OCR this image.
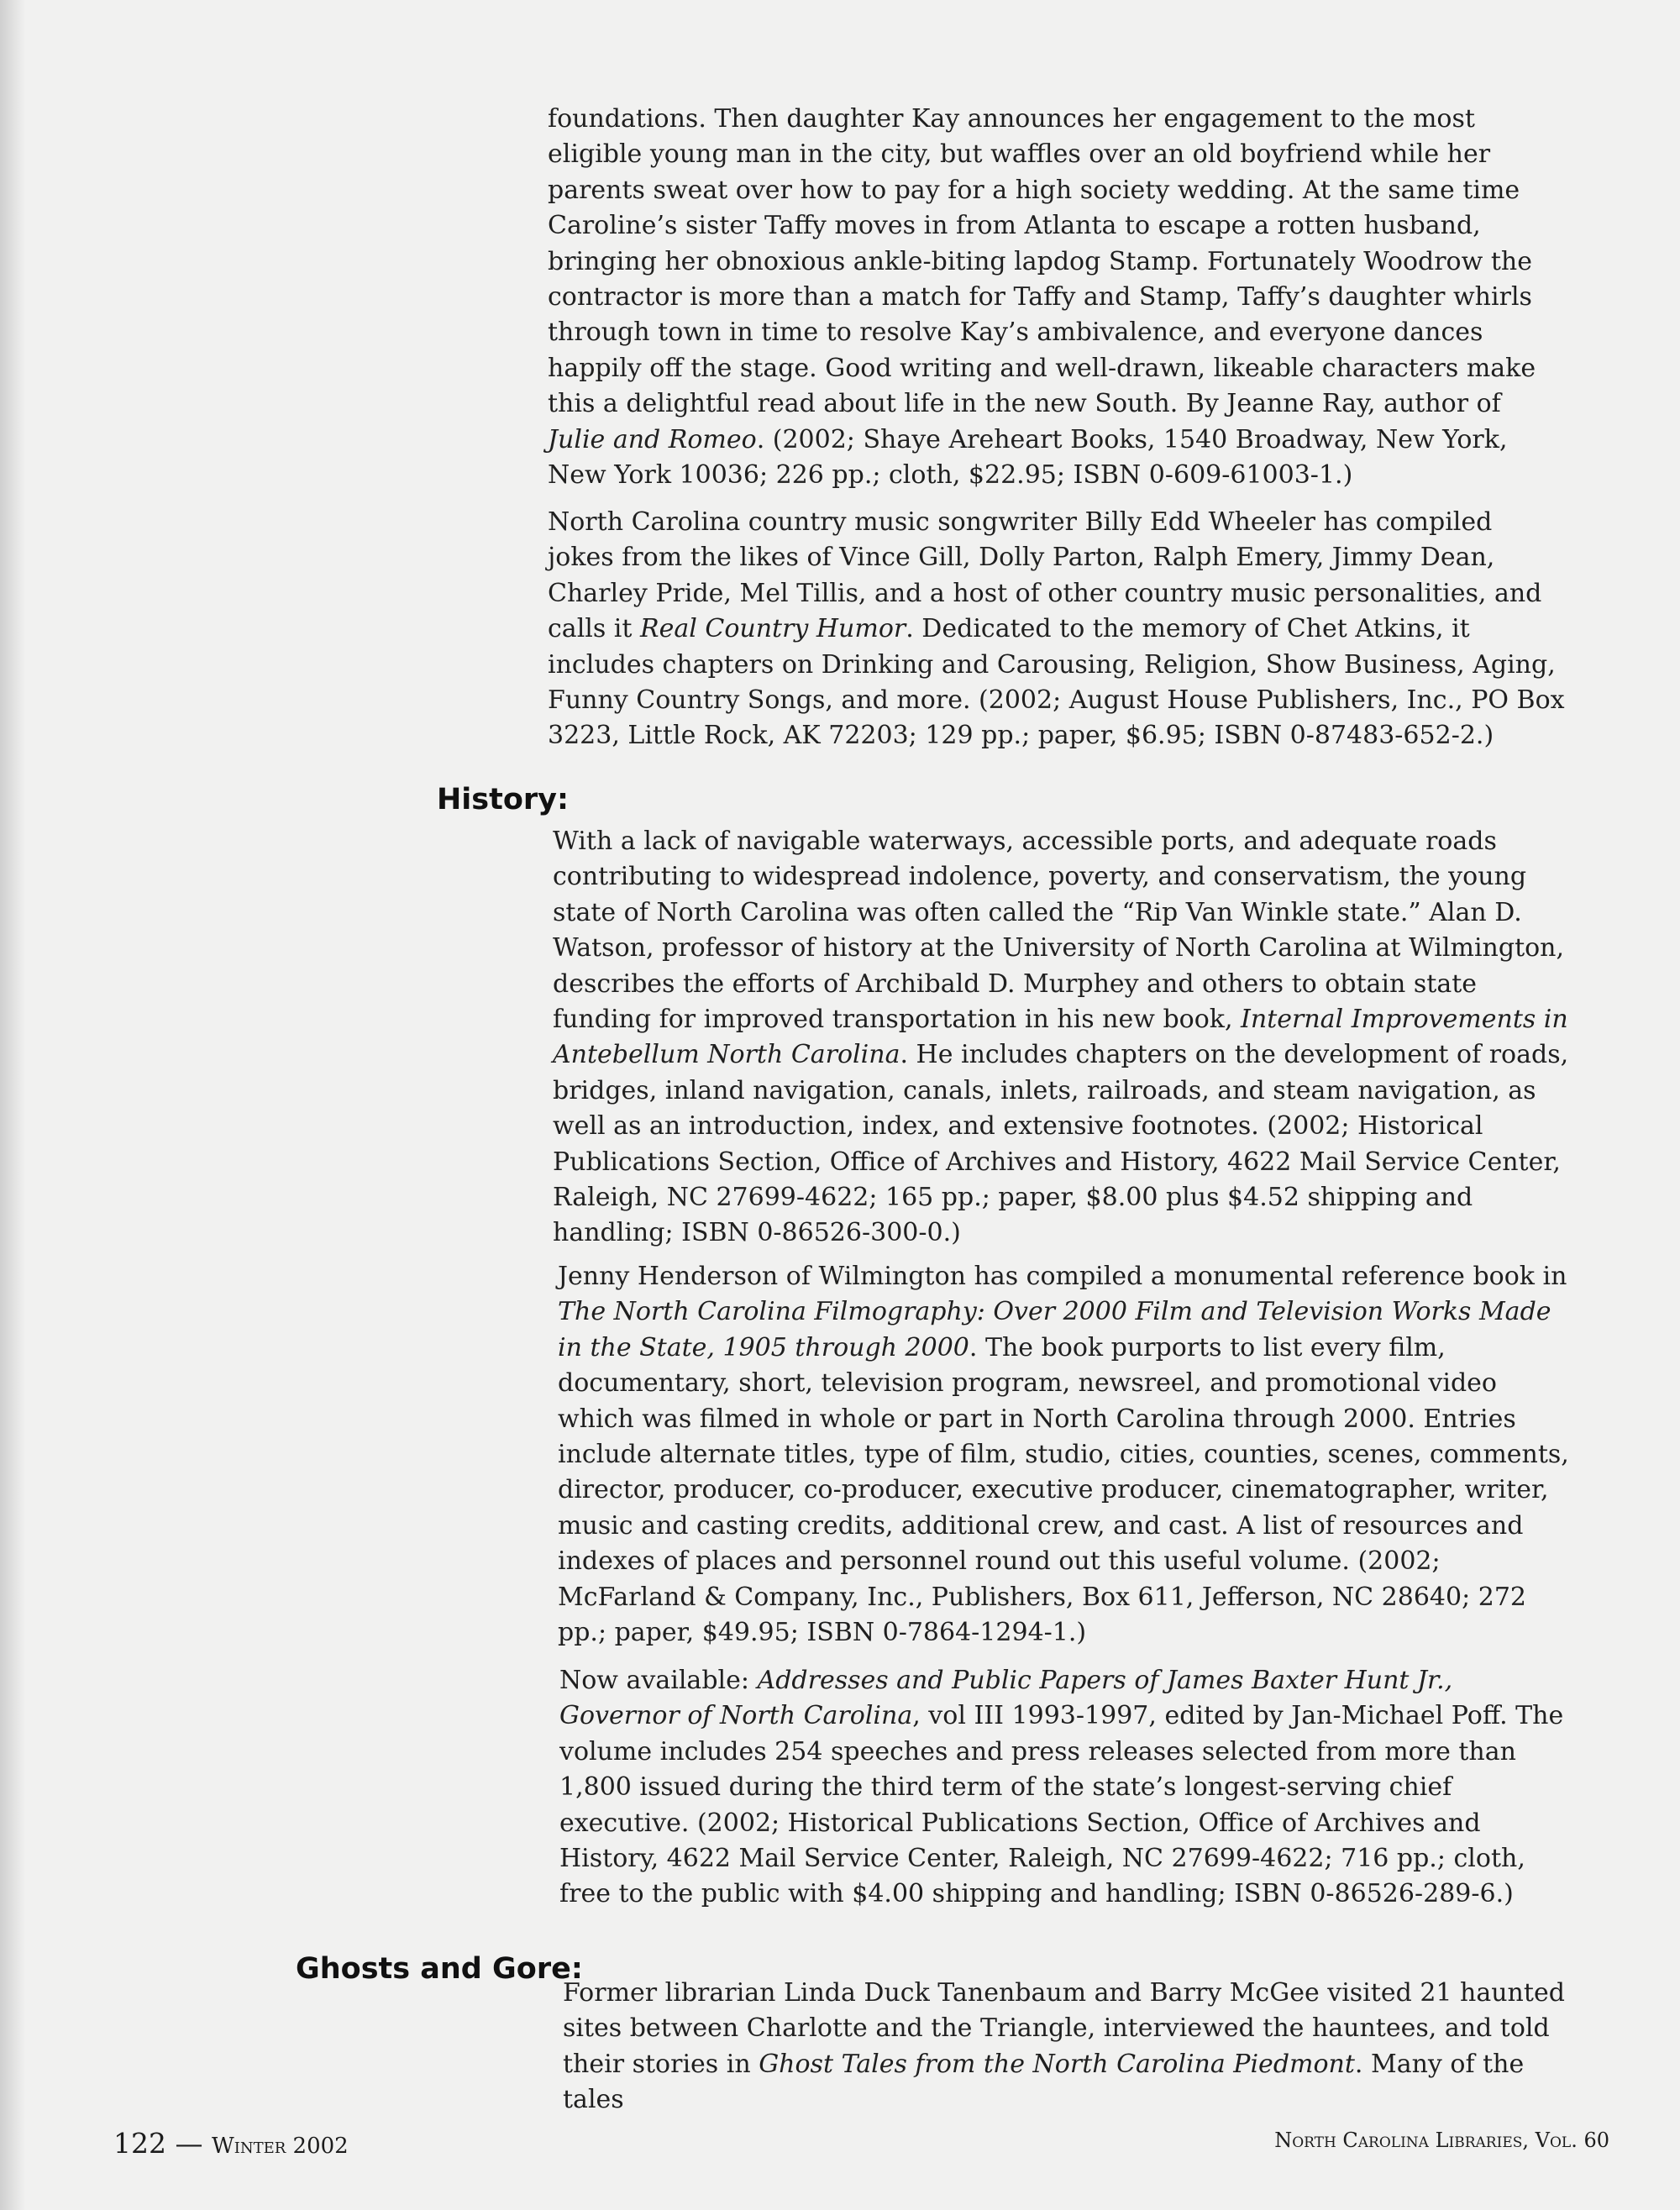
foundations. Then daughter Kay announces her engagement to the most eligible young man in the city, but waffles over an old boyfriend while her parents sweat over how to pay for a high society wedding. At the same time Caroline’s sister Taffy moves in from Atlanta to escape a rotten husband, bringing her obnoxious ankle-biting lapdog Stamp. Fortunately Woodrow the contractor is more than a match for Taffy and Stamp, Taffy’s daughter whirls through town in time to resolve Kay’s ambivalence, and everyone dances happily off the stage. Good writing and well-drawn, likeable characters make this a delightful read about life in the new South. By Jeanne Ray, author of Julie and Romeo. (2002; Shaye Areheart Books, 1540 Broadway, New York, New York 10036; 226 pp.; cloth, $22.95; ISBN 0-609-61003-1.)

North Carolina country music songwriter Billy Edd Wheeler has compiled jokes from the likes of Vince Gill, Dolly Parton, Ralph Emery, Jimmy Dean, Charley Pride, Mel Tillis, and a host of other country music personalities, and calls it Real Country Humor. Dedicated to the memory of Chet Atkins, it includes chapters on Drinking and Carousing, Religion, Show Business, Aging, Funny Country Songs, and more. (2002; August House Publishers, Inc., PO Box 3223, Little Rock, AK 72203; 129 pp.; paper, $6.95; ISBN 0-87483-652-2.)

With a lack of navigable waterways, accessible ports, and adequate roads contributing to widespread indolence, poverty, and conservatism, the young state of North Carolina was often called the “Rip Van Winkle state.” Alan D. Watson, professor of history at the University of North Carolina at Wilmington, describes the efforts of Archibald D. Murphey and others to obtain state funding for improved transportation in his new book, Internal Improvements in Antebellum North Carolina. He includes chapters on the development of roads, bridges, inland navigation, canals, inlets, railroads, and steam navigation, as well as an introduction, index, and extensive footnotes. (2002; Historical Publications Section, Office of Archives and History, 4622 Mail Service Center, Raleigh, NC 27699-4622; 165 pp.; paper, $8.00 plus $4.52 shipping and handling; ISBN 0-86526-300-0.)

Jenny Henderson of Wilmington has compiled a monumental reference book in The North Carolina Filmography: Over 2000 Film and Television Works Made in the State, 1905 through 2000. The book purports to list every film, documentary, short, television program, newsreel, and promotional video which was filmed in whole or part in North Carolina through 2000. Entries include alternate titles, type of film, studio, cities, counties, scenes, comments, director, producer, co-producer, executive producer, cinematographer, writer, music and casting credits, additional crew, and cast. A list of resources and indexes of places and personnel round out this useful volume. (2002; McFarland & Company, Inc., Publishers, Box 611, Jefferson, NC 28640; 272 pp.; paper, $49.95; ISBN 0-7864-1294-1.)

Now available: Addresses and Public Papers of James Baxter Hunt Jr., Governor of North Carolina, vol III 1993-1997, edited by Jan-Michael Poff. The volume includes 254 speeches and press releases selected from more than 1,800 issued during the third term of the state’s longest-serving chief executive. (2002; Historical Publications Section, Office of Archives and History, 4622 Mail Service Center, Raleigh, NC 27699-4622; 716 pp.; cloth, free to the public with $4.00 shipping and handling; ISBN 0-86526-289-6.)

Former librarian Linda Duck Tanenbaum and Barry McGee visited 21 haunted sites between Charlotte and the Triangle, interviewed the hauntees, and told their stories in Ghost Tales from the North Carolina Piedmont. Many of the tales

History:
Ghosts and Gore:
122 — Winter 2002	North Carolina Libraries, Vol. 60
